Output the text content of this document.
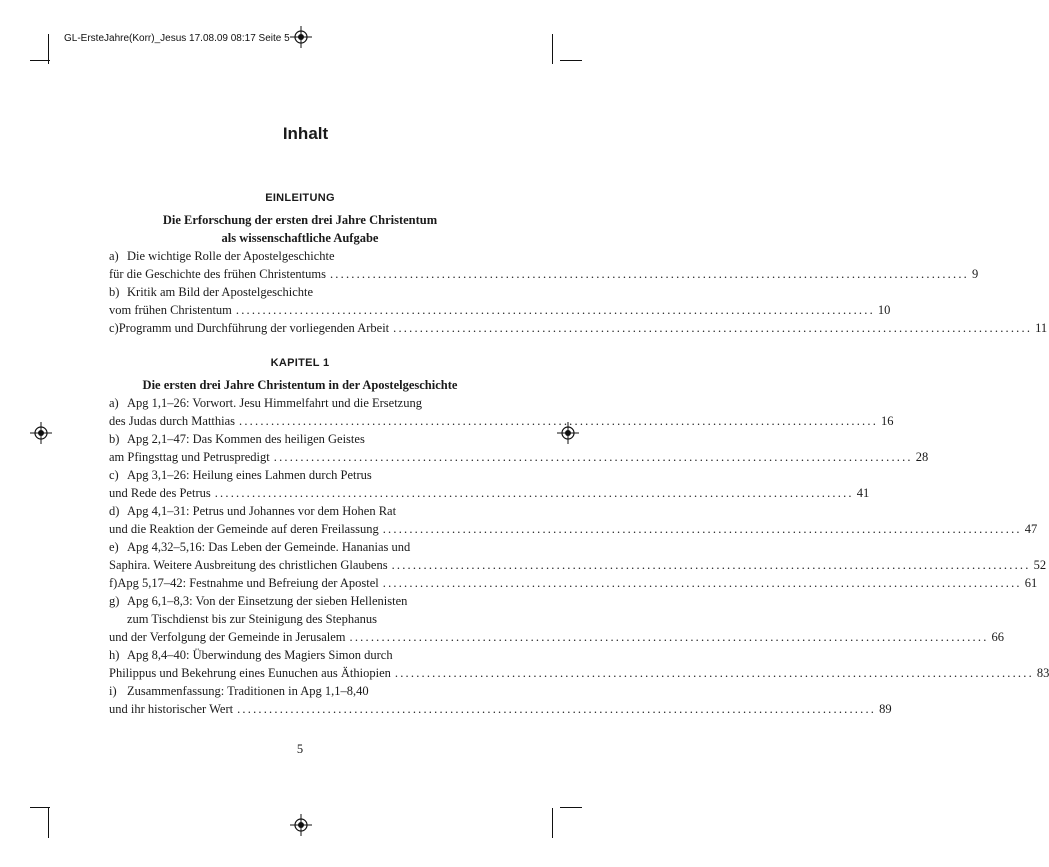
GL-ErsteJahre(Korr)_Jesus 17.08.09 08:17 Seite 5
Inhalt
EINLEITUNG
Die Erforschung der ersten drei Jahre Christentum
als wissenschaftliche Aufgabe
a) Die wichtige Rolle der Apostelgeschichte
für die Geschichte des frühen Christentums ........................................................................................................................ 9
b) Kritik am Bild der Apostelgeschichte
vom frühen Christentum ........................................................................................................................ 10
c) Programm und Durchführung der vorliegenden Arbeit ........................................................................................................................ 11
KAPITEL 1
Die ersten drei Jahre Christentum in der Apostelgeschichte
a) Apg 1,1–26: Vorwort. Jesu Himmelfahrt und die Ersetzung
des Judas durch Matthias ........................................................................................................................ 16
b) Apg 2,1–47: Das Kommen des heiligen Geistes
am Pfingsttag und Petruspredigt ........................................................................................................................ 28
c) Apg 3,1–26: Heilung eines Lahmen durch Petrus
und Rede des Petrus ........................................................................................................................ 41
d) Apg 4,1–31: Petrus und Johannes vor dem Hohen Rat
und die Reaktion der Gemeinde auf deren Freilassung ........................................................................................................................ 47
e) Apg 4,32–5,16: Das Leben der Gemeinde. Hananias und
Saphira. Weitere Ausbreitung des christlichen Glaubens ........................................................................................................................ 52
f) Apg 5,17–42: Festnahme und Befreiung der Apostel ........................................................................................................................ 61
g) Apg 6,1–8,3: Von der Einsetzung der sieben Hellenisten
zum Tischdienst bis zur Steinigung des Stephanus
und der Verfolgung der Gemeinde in Jerusalem ........................................................................................................................ 66
h) Apg 8,4–40: Überwindung des Magiers Simon durch
Philippus und Bekehrung eines Eunuchen aus Äthiopien ........................................................................................................................ 83
i) Zusammenfassung: Traditionen in Apg 1,1–8,40
und ihr historischer Wert ........................................................................................................................ 89
5
